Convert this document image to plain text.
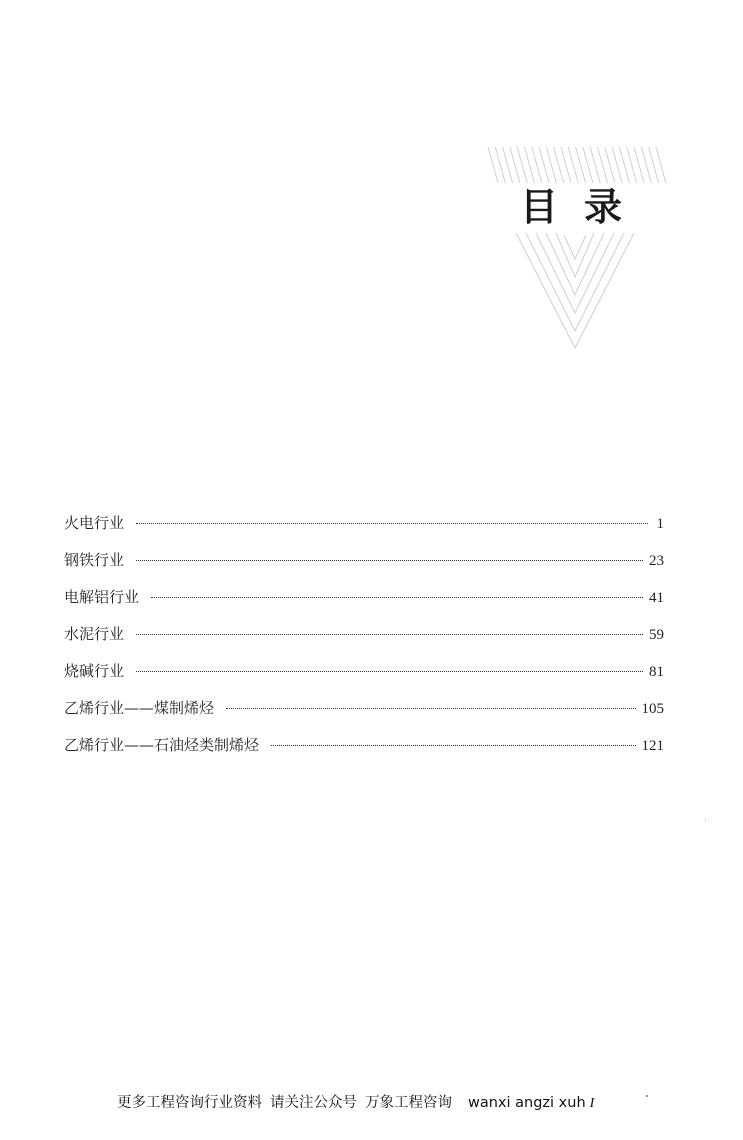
目录
火电行业	1
钢铁行业	23
电解铝行业	41
水泥行业	59
烧碱行业	81
乙烯行业——煤制烯烃	105
乙烯行业——石油烃类制烯烃	121
更多工程咨询行业资料 请关注公众号 万象工程咨询 wanxi angzi xuh I
